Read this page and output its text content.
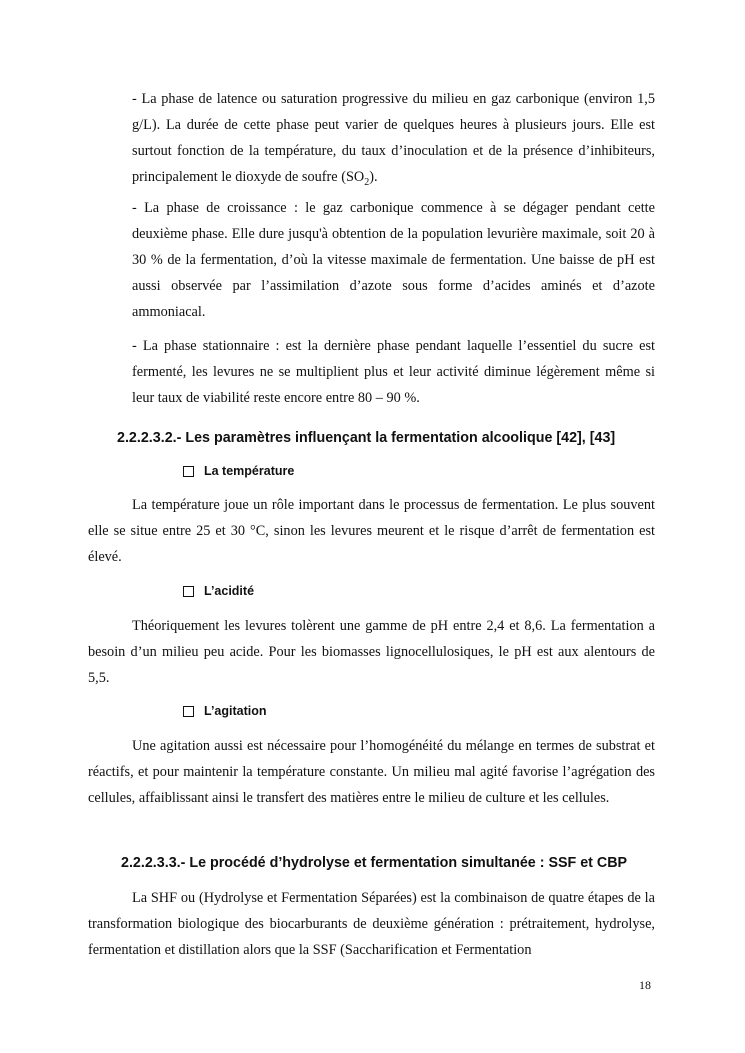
- La phase de latence ou saturation progressive du milieu en gaz carbonique (environ 1,5 g/L). La durée de cette phase peut varier de quelques heures à plusieurs jours. Elle est surtout fonction de la température, du taux d’inoculation et de la présence d’inhibiteurs, principalement le dioxyde de soufre $(SO_2)$.

- La phase de croissance : le gaz carbonique commence à se dégager pendant cette deuxième phase. Elle dure jusqu'à obtention de la population levurière maximale, soit 20 à 30 % de la fermentation, d’où la vitesse maximale de fermentation. Une baisse de pH est aussi observée par l’assimilation d’azote sous forme d’acides aminés et d’azote ammoniacal.

- La phase stationnaire : est la dernière phase pendant laquelle l’essentiel du sucre est fermenté, les levures ne se multiplient plus et leur activité diminue légèrement même si leur taux de viabilité reste encore entre 80 – 90 %.

2.2.2.3.2.- Les paramètres influençant la fermentation alcoolique [42], [43]
La température

La température joue un rôle important dans le processus de fermentation. Le plus souvent elle se situe entre 25 et 30 °C, sinon les levures meurent et le risque d’arrêt de fermentation est élevé.

L’acidité

Théoriquement les levures tolèrent une gamme de pH entre 2,4 et 8,6. La fermentation a besoin d’un milieu peu acide. Pour les biomasses lignocellulosiques, le pH est aux alentours de 5,5.

L’agitation

Une agitation aussi est nécessaire pour l’homogénéité du mélange en termes de substrat et réactifs, et pour maintenir la température constante. Un milieu mal agité favorise l’agrégation des cellules, affaiblissant ainsi le transfert des matières entre le milieu de culture et les cellules.

2.2.2.3.3.- Le procédé d’hydrolyse et fermentation simultanée : SSF et CBP

La SHF ou (Hydrolyse et Fermentation Séparées) est la combinaison de quatre étapes de la transformation biologique des biocarburants de deuxième génération : prétraitement, hydrolyse, fermentation et distillation alors que la SSF (Saccharification et Fermentation

18
